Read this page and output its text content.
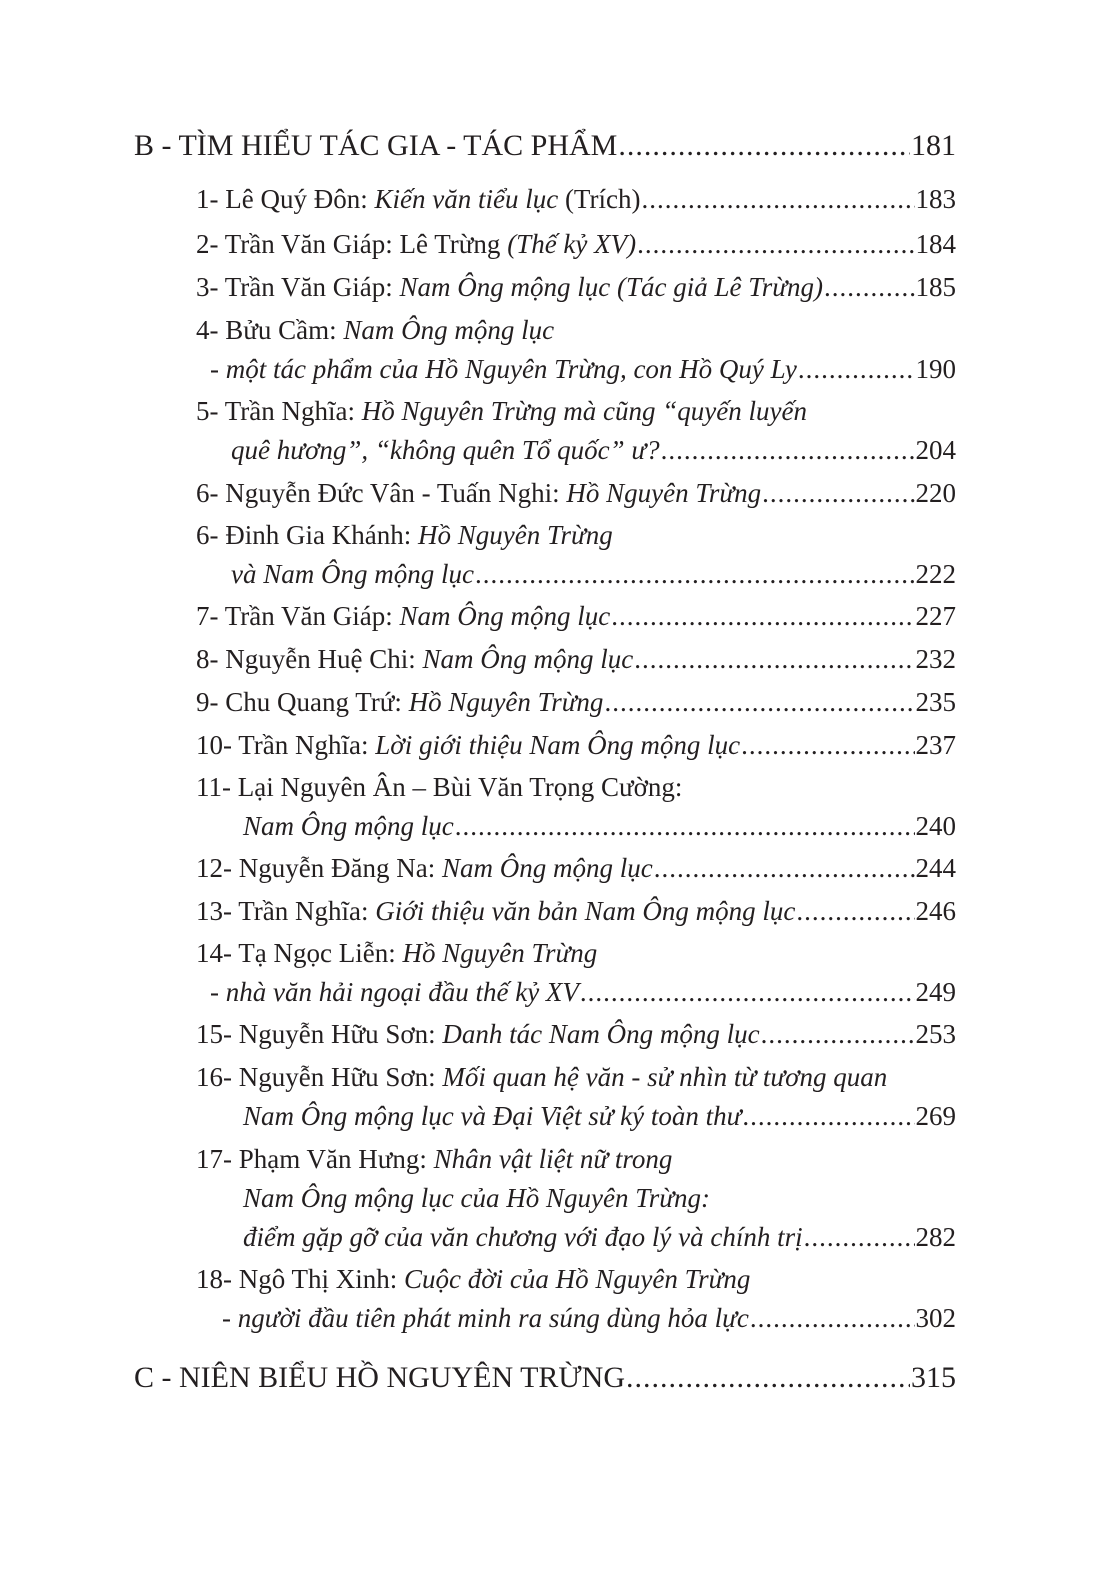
B - TÌM HIỂU TÁC GIA - TÁC PHẨM .....	181
1- Lê Quý Đôn: Kiến văn tiểu lục (Trích) .....	183
2- Trần Văn Giáp: Lê Trừng (Thế kỷ XV) .....	184
3- Trần Văn Giáp: Nam Ông mộng lục (Tác giả Lê Trừng) .....	185
4- Bửu Cầm: Nam Ông mộng lục
- một tác phẩm của Hồ Nguyên Trừng, con Hồ Quý Ly .....	190
5- Trần Nghĩa: Hồ Nguyên Trừng mà cũng “quyến luyến
quê hương”, “không quên Tổ quốc” ư? .....	204
6- Nguyễn Đức Vân - Tuấn Nghi: Hồ Nguyên Trừng .....	220
6- Đinh Gia Khánh: Hồ Nguyên Trừng
và Nam Ông mộng lục .....	222
7- Trần Văn Giáp: Nam Ông mộng lục .....	227
8- Nguyễn Huệ Chi: Nam Ông mộng lục .....	232
9- Chu Quang Trứ: Hồ Nguyên Trừng .....	235
10- Trần Nghĩa: Lời giới thiệu Nam Ông mộng lục .....	237
11- Lại Nguyên Ân – Bùi Văn Trọng Cường:
Nam Ông mộng lục .....	240
12- Nguyễn Đăng Na: Nam Ông mộng lục .....	244
13- Trần Nghĩa: Giới thiệu văn bản Nam Ông mộng lục .....	246
14- Tạ Ngọc Liễn: Hồ Nguyên Trừng
- nhà văn hải ngoại đầu thế kỷ XV .....	249
15- Nguyễn Hữu Sơn: Danh tác Nam Ông mộng lục .....	253
16- Nguyễn Hữu Sơn: Mối quan hệ văn - sử nhìn từ tương quan
Nam Ông mộng lục và Đại Việt sử ký toàn thư .....	269
17- Phạm Văn Hưng: Nhân vật liệt nữ trong
Nam Ông mộng lục của Hồ Nguyên Trừng:
điểm gặp gỡ của văn chương với đạo lý và chính trị .....	282
18- Ngô Thị Xinh: Cuộc đời của Hồ Nguyên Trừng
- người đầu tiên phát minh ra súng dùng hỏa lực .....	302
C - NIÊN BIỂU HỒ NGUYÊN TRỪNG .....	315
